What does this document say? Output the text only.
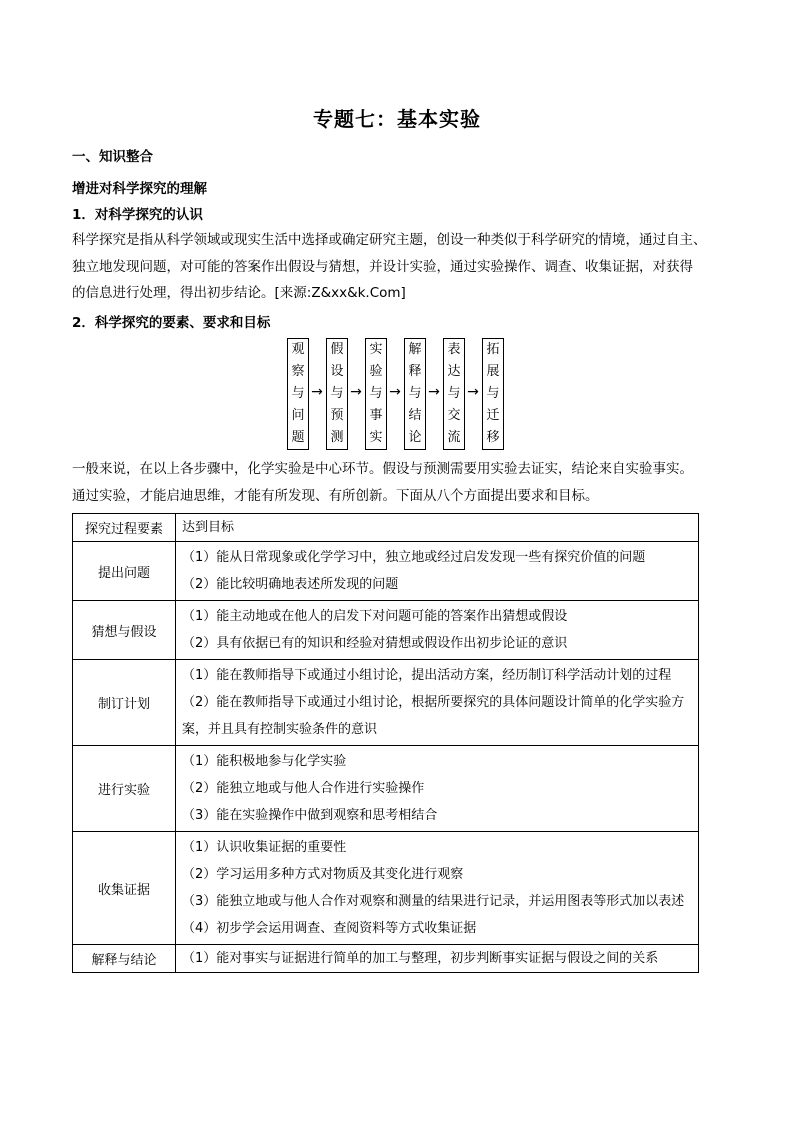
专题七：基本实验
一、知识整合
增进对科学探究的理解
1．对科学探究的认识
科学探究是指从科学领域或现实生活中选择或确定研究主题，创设一种类似于科学研究的情境，通过自主、
独立地发现问题，对可能的答案作出假设与猜想，并设计实验，通过实验操作、调查、收集证据，对获得
的信息进行处理，得出初步结论。[来源:Z&xx&k.Com]
2．科学探究的要素、要求和目标
观
察
与
问
题
→
假
设
与
预
测
→
实
验
与
事
实
→
解
释
与
结
论
→
表
达
与
交
流
→
拓
展
与
迁
移
一般来说，在以上各步骤中，化学实验是中心环节。假设与预测需要用实验去证实，结论来自实验事实。
通过实验，才能启迪思维，才能有所发现、有所创新。下面从八个方面提出要求和目标。
探究过程要素	达到目标
提出问题	（1）能从日常现象或化学学习中，独立地或经过启发发现一些有探究价值的问题
（2）能比较明确地表述所发现的问题

猜想与假设	（1）能主动地或在他人的启发下对问题可能的答案作出猜想或假设
（2）具有依据已有的知识和经验对猜想或假设作出初步论证的意识

制订计划	（1）能在教师指导下或通过小组讨论，提出活动方案，经历制订科学活动计划的过程
（2）能在教师指导下或通过小组讨论，根据所要探究的具体问题设计简单的化学实验方案，并且具有控制实验条件的意识

进行实验	（1）能积极地参与化学实验
（2）能独立地或与他人合作进行实验操作
（3）能在实验操作中做到观察和思考相结合

收集证据	（1）认识收集证据的重要性
（2）学习运用多种方式对物质及其变化进行观察
（3）能独立地或与他人合作对观察和测量的结果进行记录，并运用图表等形式加以表述
（4）初步学会运用调查、查阅资料等方式收集证据

解释与结论	（1）能对事实与证据进行简单的加工与整理，初步判断事实证据与假设之间的关系
